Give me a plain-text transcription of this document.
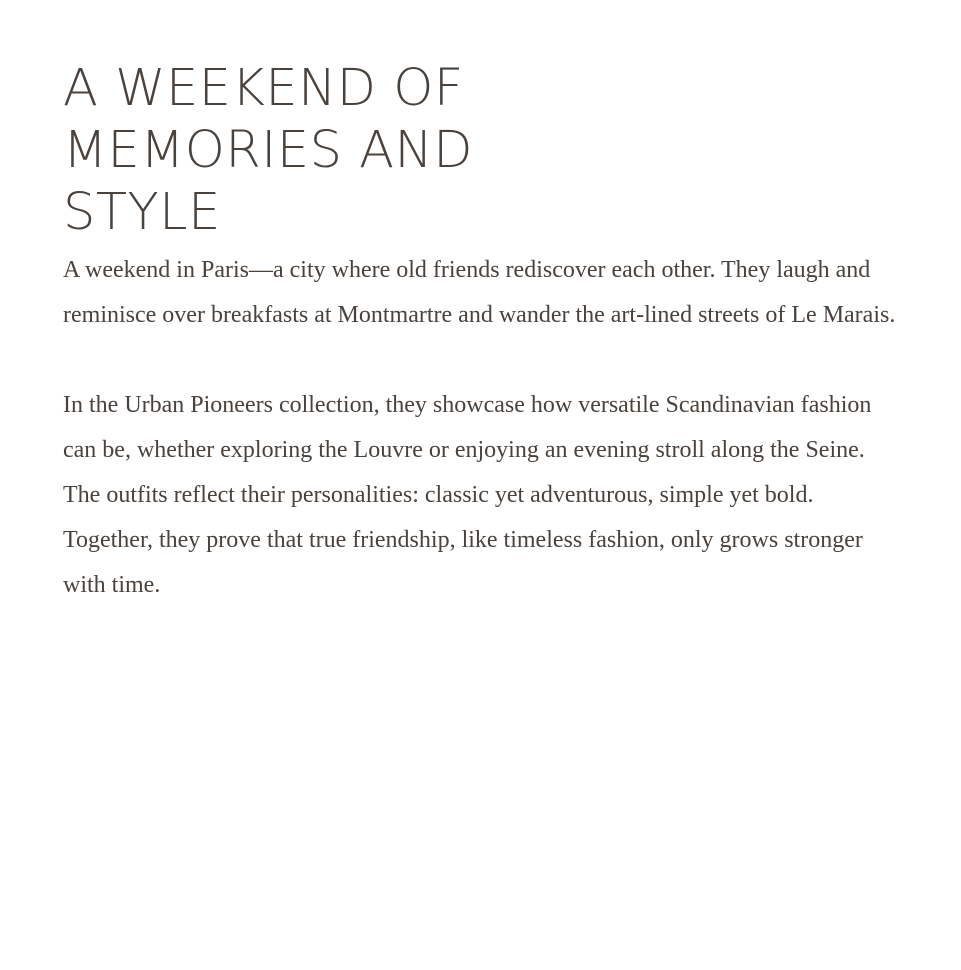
A WEEKEND OF
MEMORIES AND
STYLE

A weekend in Paris—a city where old friends rediscover each other. They laugh and reminisce over breakfasts at Montmartre and wander the art-lined streets of Le Marais.

In the Urban Pioneers collection, they showcase how versatile Scandinavian fashion can be, whether exploring the Louvre or enjoying an evening stroll along the Seine. The outfits reflect their personalities: classic yet adventurous, simple yet bold. Together, they prove that true friendship, like timeless fashion, only grows stronger with time.
